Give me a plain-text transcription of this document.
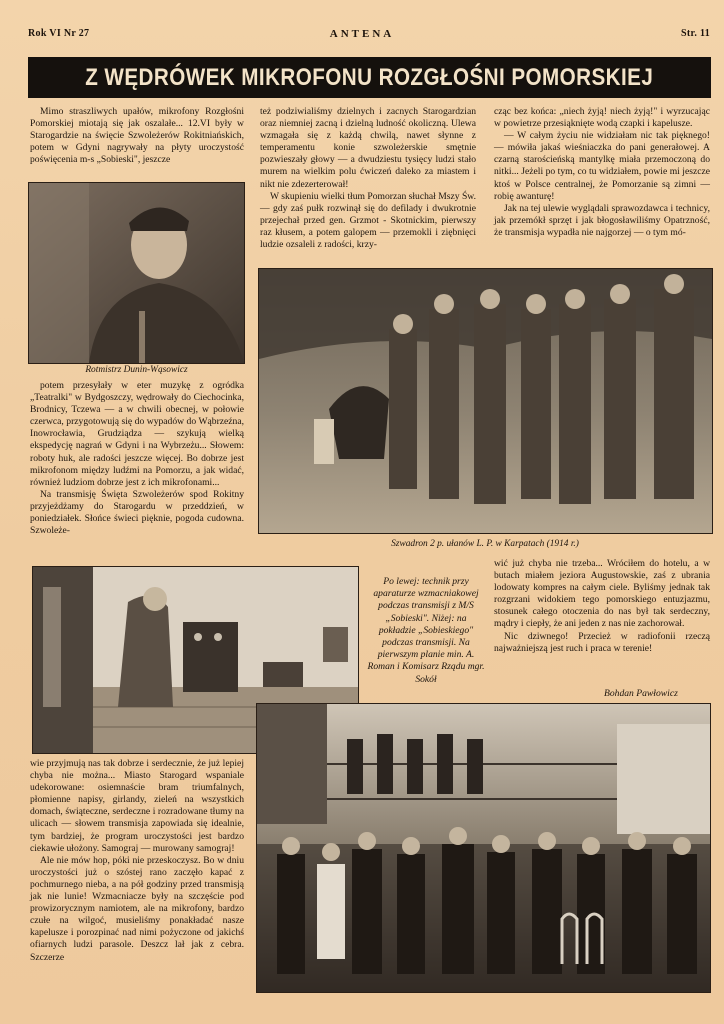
Rok VI Nr 27	ANTENA	Str. 11
Z WĘDRÓWEK MIKROFONU ROZGŁOŚNI POMORSKIEJ

Mimo straszliwych upałów, mikrofony Rozgłośni Pomorskiej miotają się jak oszalałe... 12.VI były w Starogardzie na święcie Szwoleżerów Rokitniańskich, potem w Gdyni nagrywały na płyty uroczystość poświęcenia m-s „Sobieski", jeszcze

Rotmistrz Dunin-Wąsowicz

potem przesyłały w eter muzykę z ogródka „Teatralki" w Bydgoszczy, wędrowały do Ciechocinka, Brodnicy, Tczewa — a w chwili obecnej, w połowie czerwca, przygotowują się do wypadów do Wąbrzeźna, Inowrocławia, Grudziądza — szykują wielką ekspedycję nagrań w Gdyni i na Wybrzeżu... Słowem: roboty huk, ale radości jeszcze więcej. Bo dobrze jest mikrofonom między ludźmi na Pomorzu, a jak widać, również ludziom dobrze jest z ich mikrofonami...

Na transmisję Święta Szwoleżerów spod Rokitny przyjeżdżamy do Starogardu w przeddzień, w poniedziałek. Słońce świeci pięknie, pogoda cudowna. Szwoleże-

też podziwialiśmy dzielnych i zacnych Starogardzian oraz niemniej zacną i dzielną ludność okoliczną. Ulewa wzmagała się z każdą chwilą, nawet słynne z temperamentu konie szwoleżerskie smętnie pozwieszały głowy — a dwudziestu tysięcy ludzi stało murem na wielkim polu ćwiczeń daleko za miastem i nikt nie zdezerterował!

W skupieniu wielki tłum Pomorzan słuchał Mszy Św. — gdy zaś pułk rozwinął się do defilady i dwukrotnie przejechał przed gen. Grzmot - Skotnickim, pierwszy raz kłusem, a potem galopem — przemokli i ziębnięci ludzie ozsaleli z radości, krzy-

cząc bez końca: „niech żyją! niech żyją!" i wyrzucając w powietrze przesiąknięte wodą czapki i kapelusze.

— W całym życiu nie widziałam nic tak pięknego! — mówiła jakaś wieśniaczka do pani generałowej. A czarną starościeńską mantylkę miała przemoczoną do nitki... Jeżeli po tym, co tu widziałem, powie mi jeszcze ktoś w Polsce centralnej, że Pomorzanie są zimni — robię awanturę!

Jak na tej ulewie wyglądali sprawozdawca i technicy, jak przemókł sprzęt i jak błogosławiliśmy Opatrzność, że transmisja wypadła nie najgorzej — o tym mó-

Szwadron 2 p. ułanów L. P. w Karpatach (1914 r.)
Po lewej: technik przy aparaturze wzmacniakowej podczas transmisji z M/S „Sobieski". Niżej: na pokładzie „Sobieskiego" podczas transmisji. Na pierwszym planie min. A. Roman i Komisarz Rządu mgr. Sokół

wić już chyba nie trzeba... Wróciłem do hotelu, a w butach miałem jeziora Augustowskie, zaś z ubrania lodowaty kompres na całym ciele. Byliśmy jednak tak rozgrzani widokiem tego pomorskiego entuzjazmu, stosunek całego otoczenia do nas był tak serdeczny, mądry i ciepły, że ani jeden z nas nie zachorował.

Nic dziwnego! Przecież w radiofonii rzeczą najważniejszą jest ruch i praca w terenie!

Bohdan Pawłowicz

wie przyjmują nas tak dobrze i serdecznie, że już lepiej chyba nie można... Miasto Starogard wspaniale udekorowane: osiemnaście bram triumfalnych, płomienne napisy, girlandy, zieleń na wszystkich domach, świąteczne, serdeczne i rozradowane tłumy na ulicach — słowem transmisja zapowiada się idealnie, tym bardziej, że program uroczystości jest bardzo ciekawie ułożony. Samograj — murowany samograj!

Ale nie mów hop, póki nie przeskoczysz. Bo w dniu uroczystości już o szóstej rano zaczęło kapać z pochmurnego nieba, a na pół godziny przed transmisją jak nie lunie! Wzmacniacze były na szczęście pod prowizorycznym namiotem, ale na mikrofony, bardzo czułe na wilgoć, musieliśmy ponakładać nasze kapelusze i porozpinać nad nimi pożyczone od jakichś ofiarnych ludzi parasole. Deszcz lał jak z cebra. Szczerze
